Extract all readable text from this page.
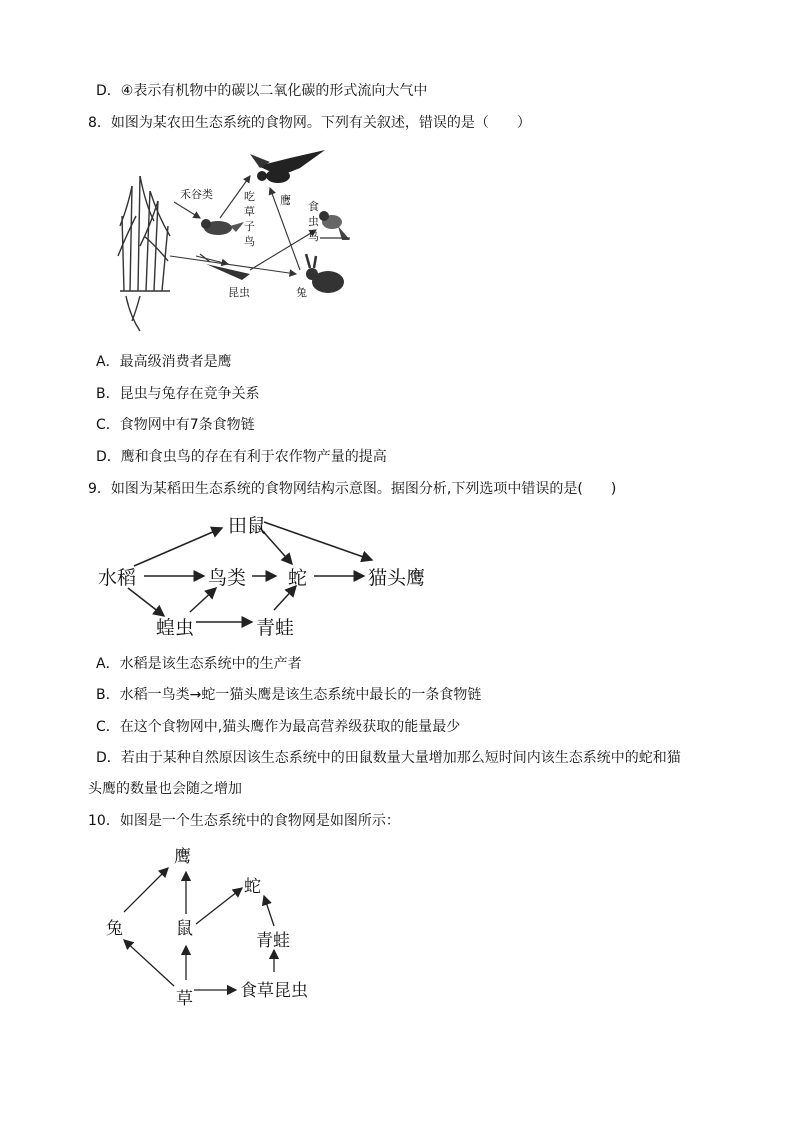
D．④表示有机物中的碳以二氧化碳的形式流向大气中
8．如图为某农田生态系统的食物网。下列有关叙述，错误的是（　　）
禾谷类	吃
草
子
鸟
鹰 食
虫
鸟
昆虫	兔
A．最高级消费者是鹰
B．昆虫与兔存在竞争关系
C．食物网中有7条食物链
D．鹰和食虫鸟的存在有利于农作物产量的提高
9．如图为某稻田生态系统的食物网结构示意图。据图分析,下列选项中错误的是(　　)
水稻
田鼠
鸟类 蛇	猫头鹰
蝗虫	青蛙
A．水稻是该生态系统中的生产者
B．水稻一鸟类→蛇一猫头鹰是该生态系统中最长的一条食物链
C．在这个食物网中,猫头鹰作为最高营养级获取的能量最少
D．若由于某种自然原因该生态系统中的田鼠数量大量增加那么短时间内该生态系统中的蛇和猫
头鹰的数量也会随之增加
10．如图是一个生态系统中的食物网是如图所示：
鹰
蛇
兔	鼠
青蛙
草	食草昆虫
